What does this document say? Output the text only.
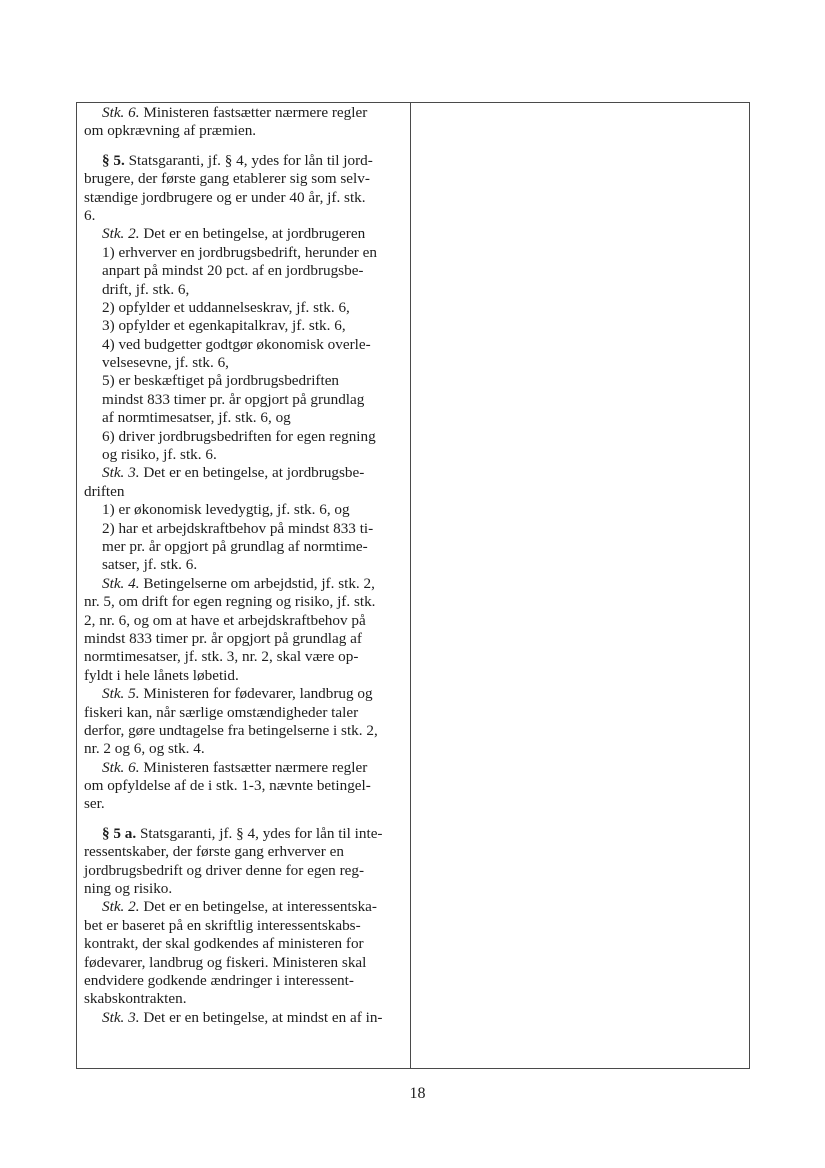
Stk. 6. Ministeren fastsætter nærmere regler
om opkrævning af præmien.
§ 5. Statsgaranti, jf. § 4, ydes for lån til jord-
brugere, der første gang etablerer sig som selv-
stændige jordbrugere og er under 40 år, jf. stk.
6.
Stk. 2. Det er en betingelse, at jordbrugeren
1) erhverver en jordbrugsbedrift, herunder en
anpart på mindst 20 pct. af en jordbrugsbe-
drift, jf. stk. 6,
2) opfylder et uddannelseskrav, jf. stk. 6,
3) opfylder et egenkapitalkrav, jf. stk. 6,
4) ved budgetter godtgør økonomisk overle-
velsesevne, jf. stk. 6,
5) er beskæftiget på jordbrugsbedriften
mindst 833 timer pr. år opgjort på grundlag
af normtimesatser, jf. stk. 6, og
6) driver jordbrugsbedriften for egen regning
og risiko, jf. stk. 6.
Stk. 3. Det er en betingelse, at jordbrugsbe-
driften
1) er økonomisk levedygtig, jf. stk. 6, og
2) har et arbejdskraftbehov på mindst 833 ti-
mer pr. år opgjort på grundlag af normtime-
satser, jf. stk. 6.
Stk. 4. Betingelserne om arbejdstid, jf. stk. 2,
nr. 5, om drift for egen regning og risiko, jf. stk.
2, nr. 6, og om at have et arbejdskraftbehov på
mindst 833 timer pr. år opgjort på grundlag af
normtimesatser, jf. stk. 3, nr. 2, skal være op-
fyldt i hele lånets løbetid.
Stk. 5. Ministeren for fødevarer, landbrug og
fiskeri kan, når særlige omstændigheder taler
derfor, gøre undtagelse fra betingelserne i stk. 2,
nr. 2 og 6, og stk. 4.
Stk. 6. Ministeren fastsætter nærmere regler
om opfyldelse af de i stk. 1-3, nævnte betingel-
ser.
§ 5 a. Statsgaranti, jf. § 4, ydes for lån til inte-
ressentskaber, der første gang erhverver en
jordbrugsbedrift og driver denne for egen reg-
ning og risiko.
Stk. 2. Det er en betingelse, at interessentska-
bet er baseret på en skriftlig interessentskabs-
kontrakt, der skal godkendes af ministeren for
fødevarer, landbrug og fiskeri. Ministeren skal
endvidere godkende ændringer i interessent-
skabskontrakten.
Stk. 3. Det er en betingelse, at mindst en af in-
18
